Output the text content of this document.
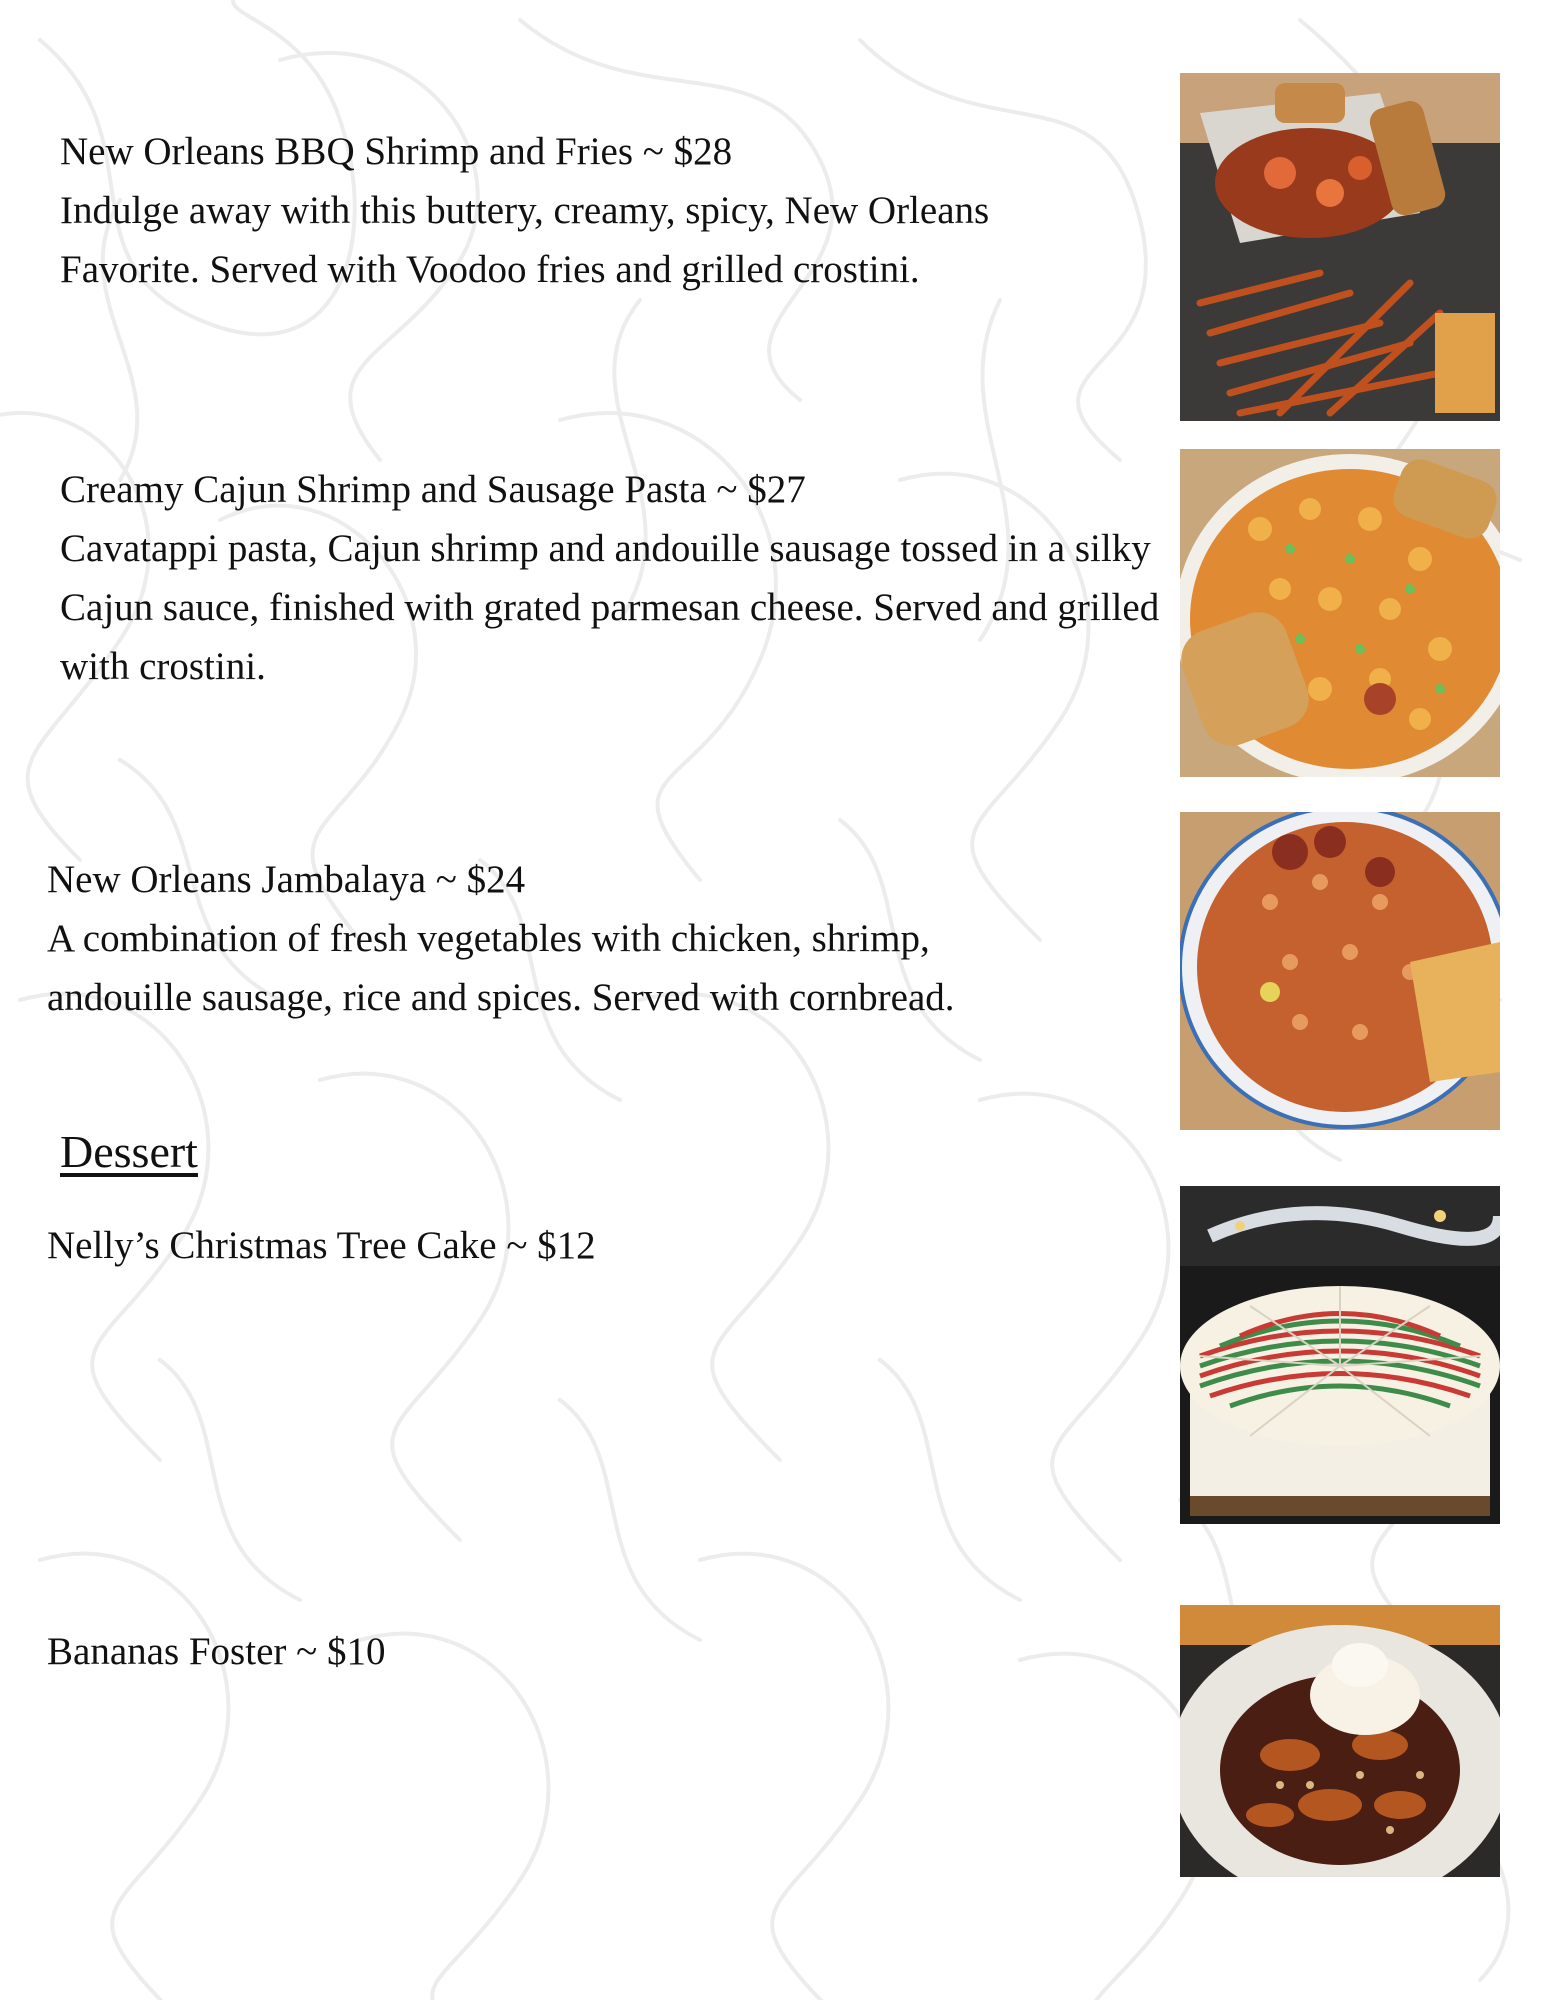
New Orleans BBQ Shrimp and Fries ~ $28
Indulge away with this buttery, creamy, spicy, New Orleans Favorite. Served with Voodoo fries and grilled crostini.
Creamy Cajun Shrimp and Sausage Pasta ~ $27
Cavatappi pasta, Cajun shrimp and andouille sausage tossed in a silky Cajun sauce, finished with grated parmesan cheese. Served and grilled with crostini.
New Orleans Jambalaya ~ $24
A combination of fresh vegetables with chicken, shrimp, andouille sausage, rice and spices. Served with cornbread.
Dessert
Nelly’s Christmas Tree Cake ~ $12
Bananas Foster ~ $10
